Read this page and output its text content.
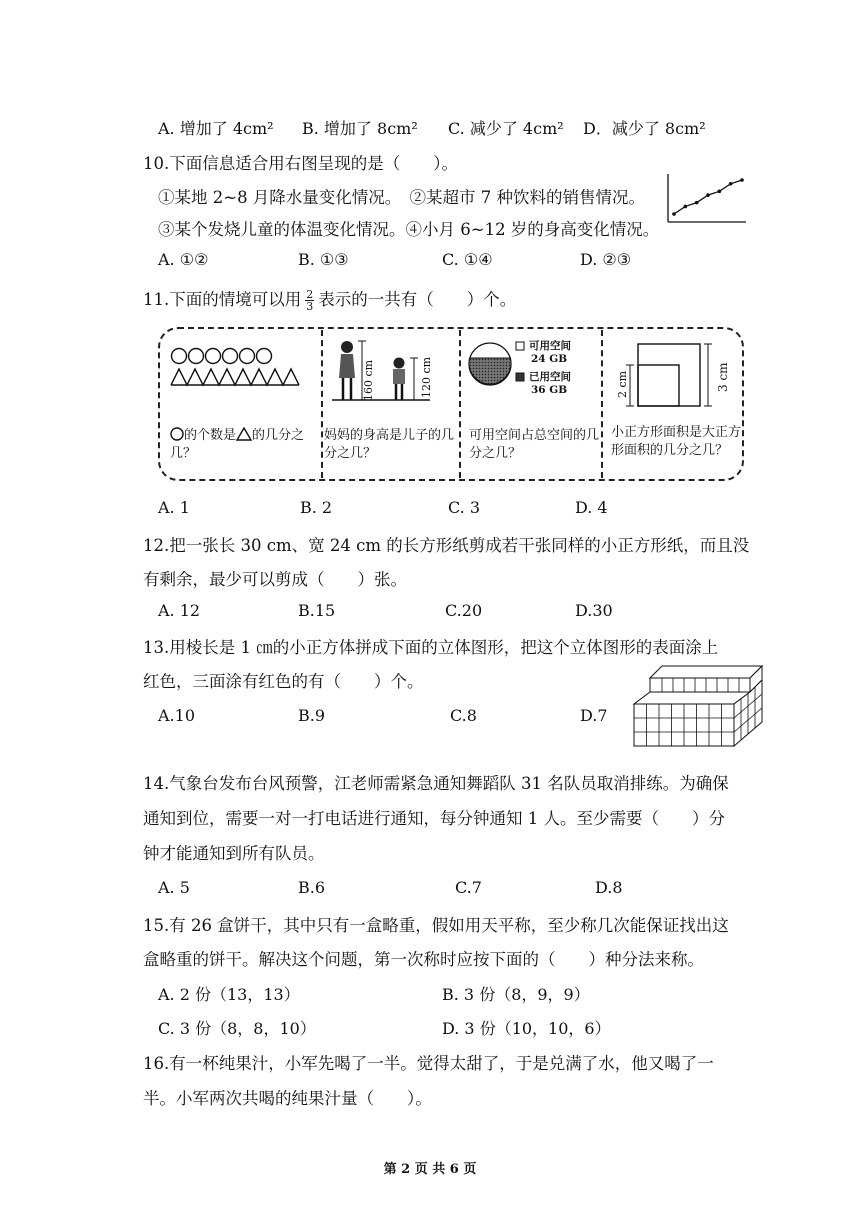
A. 增加了 4cm² B. 增加了 8cm² C. 减少了 4cm² D．减少了 8cm²
10.下面信息适合用右图呈现的是（　　）。
①某地 2~8 月降水量变化情况。　②某超市 7 种饮料的销售情况。
③某个发烧儿童的体温变化情况。④小月 6~12 岁的身高变化情况。
A. ①②	B. ①③	C. ①④	D. ②③
11.下面的情境可以用 $\frac{2}{3}$ 表示的一共有（　　）个。
的个数是 的几分之几？
160 cm	120 cm
妈妈的身高是儿子的几分之几？
可用空间
24 GB
已用空间
36 GB
可用空间占总空间的几分之几？
2 cm	3 cm
小正方形面积是大正方形面积的几分之几？
A. 1	B. 2	C. 3	D. 4
12.把一张长 30 cm、宽 24 cm 的长方形纸剪成若干张同样的小正方形纸，而且没
有剩余，最少可以剪成（　　）张。
A. 12	B.15	C.20	D.30
13.用棱长是 1 ㎝的小正方体拼成下面的立体图形，把这个立体图形的表面涂上
红色，三面涂有红色的有（　　）个。
A.10	B.9	C.8	D.7
14.气象台发布台风预警，江老师需紧急通知舞蹈队 31 名队员取消排练。为确保
通知到位，需要一对一打电话进行通知，每分钟通知 1 人。至少需要（　　）分
钟才能通知到所有队员。
A. 5	B.6	C.7	D.8
15.有 26 盒饼干，其中只有一盒略重，假如用天平称，至少称几次能保证找出这
盒略重的饼干。解决这个问题，第一次称时应按下面的（　　）种分法来称。
A. 2 份（13，13）	B. 3 份（8，9，9）
C. 3 份（8，8，10）	D. 3 份（10，10，6）
16.有一杯纯果汁，小军先喝了一半。觉得太甜了，于是兑满了水，他又喝了一
半。小军两次共喝的纯果汁量（　　）。
第 2 页 共 6 页
